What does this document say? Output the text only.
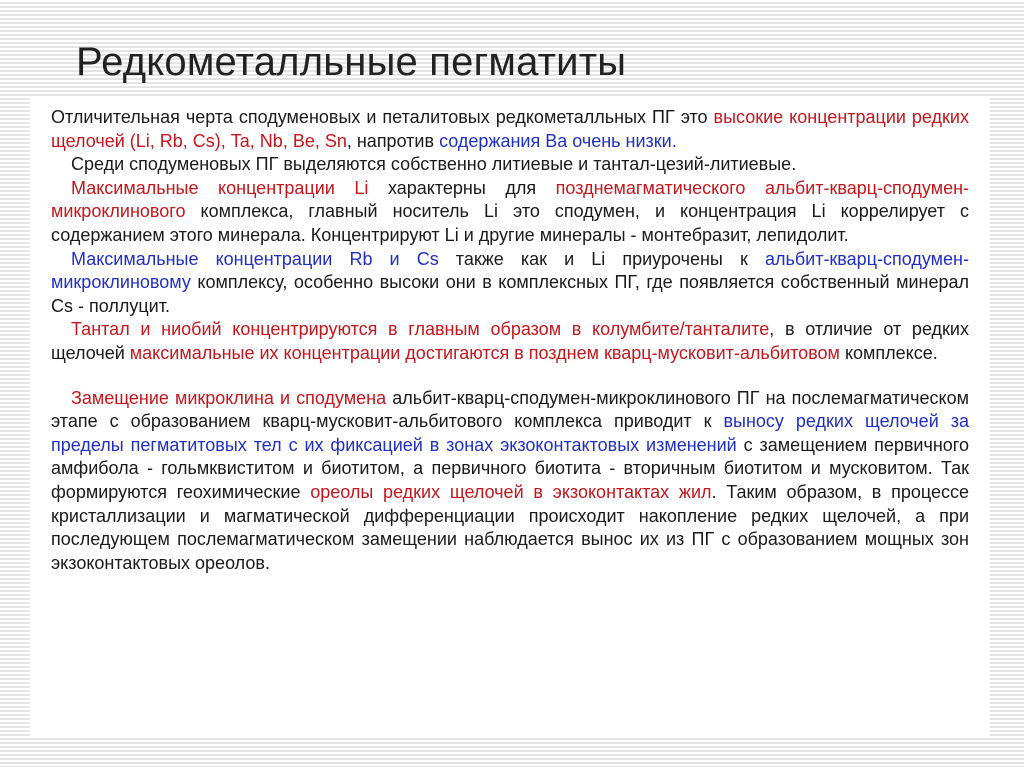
Редкометалльные пегматиты

Отличительная черта сподуменовых и петалитовых редкометалльных ПГ это высокие концентрации редких щелочей (Li, Rb, Cs), Ta, Nb, Be, Sn, напротив содержания Ba очень низки.

Среди сподуменовых ПГ выделяются собственно литиевые и тантал-цезий-литиевые.

Максимальные концентрации Li характерны для позднемагматического альбит-кварц-сподумен-микроклинового комплекса, главный носитель Li это сподумен, и концентрация Li коррелирует с содержанием этого минерала. Концентрируют Li и другие минералы - монтебразит, лепидолит.

Максимальные концентрации Rb и Cs также как и Li приурочены к альбит-кварц-сподумен-микроклиновому комплексу, особенно высоки они в комплексных ПГ, где появляется собственный минерал Cs - поллуцит.

Тантал и ниобий концентрируются в главным образом в колумбите/танталите, в отличие от редких щелочей максимальные их концентрации достигаются в позднем кварц-мусковит-альбитовом комплексе.

Замещение микроклина и сподумена альбит-кварц-сподумен-микроклинового ПГ на послемагматическом этапе с образованием кварц-мусковит-альбитового комплекса приводит к выносу редких щелочей за пределы пегматитовых тел с их фиксацией в зонах экзоконтактовых изменений с замещением первичного амфибола - гольмквиститом и биотитом, а первичного биотита - вторичным биотитом и мусковитом. Так формируются геохимические ореолы редких щелочей в экзоконтактах жил. Таким образом, в процессе кристаллизации и магматической дифференциации происходит накопление редких щелочей, а при последующем послемагматическом замещении наблюдается вынос их из ПГ с образованием мощных зон экзоконтактовых ореолов.
